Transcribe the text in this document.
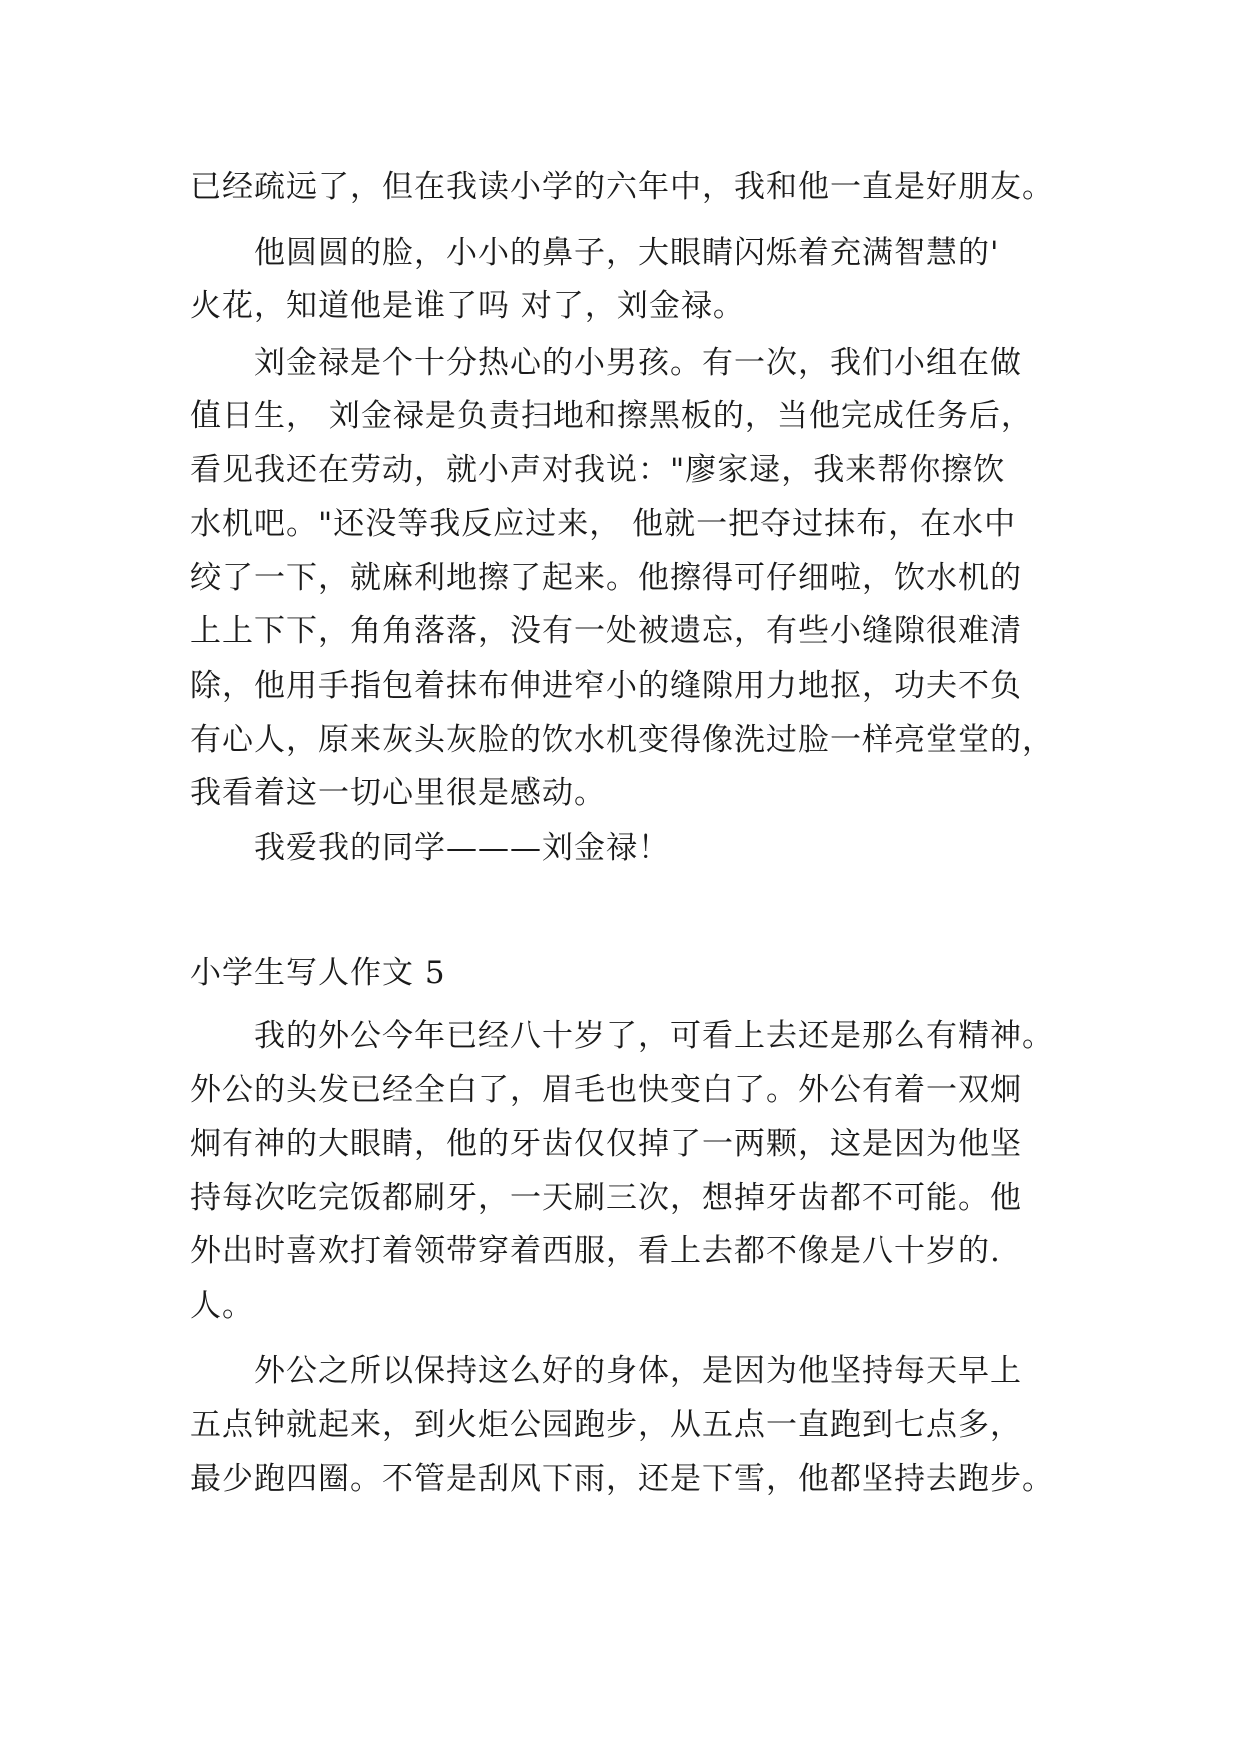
已经疏远了，但在我读小学的六年中，我和他一直是好朋友。
他圆圆的脸，小小的鼻子，大眼睛闪烁着充满智慧的'
火花，知道他是谁了吗 对了，刘金禄。
刘金禄是个十分热心的小男孩。有一次，我们小组在做
值日生， 刘金禄是负责扫地和擦黑板的，当他完成任务后，
看见我还在劳动，就小声对我说："廖家逯，我来帮你擦饮
水机吧。"还没等我反应过来， 他就一把夺过抹布，在水中
绞了一下，就麻利地擦了起来。他擦得可仔细啦，饮水机的
上上下下，角角落落，没有一处被遗忘，有些小缝隙很难清
除，他用手指包着抹布伸进窄小的缝隙用力地抠，功夫不负
有心人，原来灰头灰脸的饮水机变得像洗过脸一样亮堂堂的，
我看着这一切心里很是感动。
我爱我的同学———刘金禄！
小学生写人作文 5
我的外公今年已经八十岁了，可看上去还是那么有精神。
外公的头发已经全白了，眉毛也快变白了。外公有着一双炯
炯有神的大眼睛，他的牙齿仅仅掉了一两颗，这是因为他坚
持每次吃完饭都刷牙，一天刷三次，想掉牙齿都不可能。他
外出时喜欢打着领带穿着西服，看上去都不像是八十岁的.
人。
外公之所以保持这么好的身体，是因为他坚持每天早上
五点钟就起来，到火炬公园跑步，从五点一直跑到七点多，
最少跑四圈。不管是刮风下雨，还是下雪，他都坚持去跑步。
